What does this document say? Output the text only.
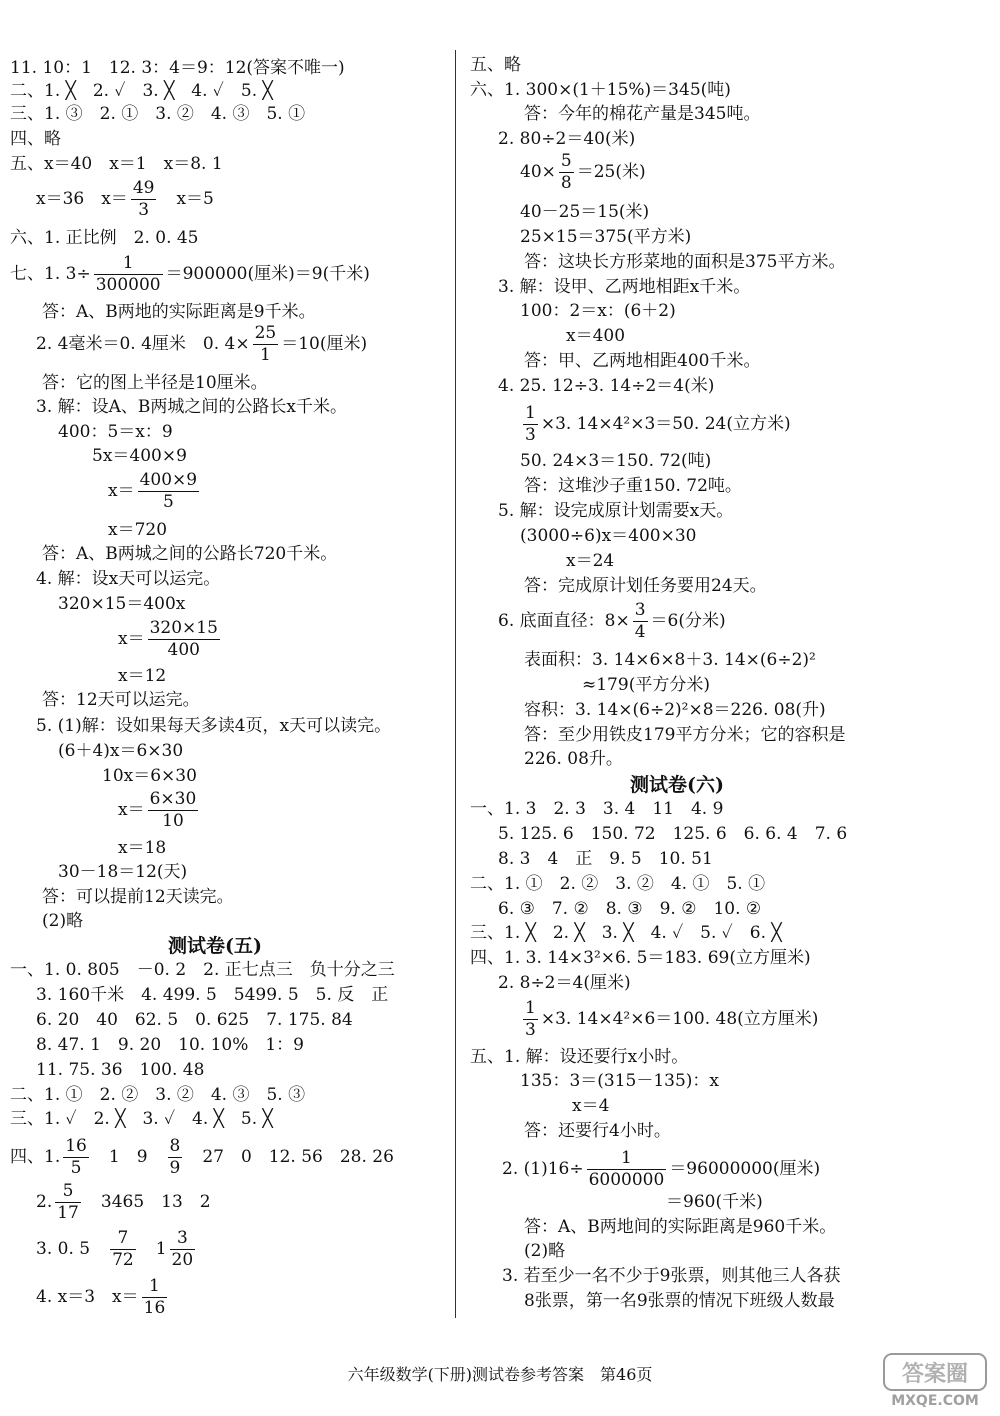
11. 10：1　12. 3：4＝9：12(答案不唯一)
二、1. ╳　2. ✓　3. ╳　4. ✓　5. ╳
三、1. ③　2. ①　3. ②　4. ③　5. ①
四、略
五、x＝40　x＝1　x＝8. 1
x＝36　$x= \frac{49}{3}$
　 x＝5
六、1. 正比例　2. 0. 45
七、1. $3\div \frac{1}{300000} =900000$(厘米)＝9(千米)
答：A、B两地的实际距离是9千米。
2. 4毫米＝0. 4厘米　0. $4\times \frac{25}{1} =10$(厘米)
答：它的图上半径是10厘米。
3. 解：设A、B两城之间的公路长x千米。
400：5＝x：9
5x＝400×9
$x= \frac{400\times 9}{5}$
x＝720
答：A、B两城之间的公路长720千米。
4. 解：设x天可以运完。
320×15＝400x
$x= \frac{320\times 15}{400}$
x＝12
答：12天可以运完。
5. (1)解：设如果每天多读4页，x天可以读完。
(6＋4)x＝6×30
10x＝6×30
$x= \frac{6\times 30}{10}$
x＝18
30－18＝12(天)
答：可以提前12天读完。
(2)略
测试卷(五)
一、1. 0. 805　－0. 2　2. 正七点三　负十分之三
3. 160千米　4. 499. 5　5499. 5　5. 反　正
6. 20　40　62. 5　0. 625　7. 175. 84
8. 47. 1　9. 20　10. 10%　1：9
11. 75. 36　100. 48
二、1. ①　2. ②　3. ②　4. ③　5. ③
三、1. ✓　2. ╳　3. ✓　4. ╳　5. ╳
四、1. $\frac{16}{5}$
　 1　9　 $\frac{8}{9}$
　 27　0　12. 56　28. 26
2. $\frac{5}{17}$
　 3465　13　2
3. 0. 5　 $\frac{7}{72}$
　 $1 \frac{3}{20}$
4. x＝3　$x= \frac{1}{16}$
五、略
六、1. 300×(1＋15%)＝345(吨)
答：今年的棉花产量是345吨。
2. 80÷2＝40(米)
$40\times \frac{5}{8} =25$(米)
40－25＝15(米)
25×15＝375(平方米)
答：这块长方形菜地的面积是375平方米。
3. 解：设甲、乙两地相距x千米。
100：2＝x：(6＋2)
x＝400
答：甲、乙两地相距400千米。
4. 25. 12÷3. 14÷2＝4(米)
$\frac{1}{3} \times 3$. 14×4²×3＝50. 24(立方米)
50. 24×3＝150. 72(吨)
答：这堆沙子重150. 72吨。
5. 解：设完成原计划需要x天。
(3000÷6)x＝400×30
x＝24
答：完成原计划任务要用24天。
6. 底面直径：$8\times \frac{3}{4} =6$(分米)
表面积：3. 14×6×8＋3. 14×(6÷2)²
≈179(平方分米)
容积：3. 14×(6÷2)²×8＝226. 08(升)
答：至少用铁皮179平方分米；它的容积是
226. 08升。
测试卷(六)
一、1. 3　2. 3　3. 4　11　4. 9
5. 125. 6　150. 72　125. 6　6. 6. 4　7. 6
8. 3　4　正　9. 5　10. 51
二、1. ①　2. ②　3. ②　4. ①　5. ①
6. ③　7. ②　8. ③　9. ②　10. ②
三、1. ╳　2. ╳　3. ╳　4. ✓　5. ✓　6. ╳
四、1. 3. 14×3²×6. 5＝183. 69(立方厘米)
2. 8÷2＝4(厘米)
$\frac{1}{3} \times 3$. 14×4²×6＝100. 48(立方厘米)
五、1. 解：设还要行x小时。
135：3＝(315－135)：x
x＝4
答：还要行4小时。
2. $(1)16\div \frac{1}{6000000} =96000000$(厘米)
＝960(千米)
答：A、B两地间的实际距离是960千米。
(2)略
3. 若至少一名不少于9张票，则其他三人各获
8张票，第一名9张票的情况下班级人数最
六年级数学(下册)测试卷参考答案　第46页	答案圈
MXQE.COM
